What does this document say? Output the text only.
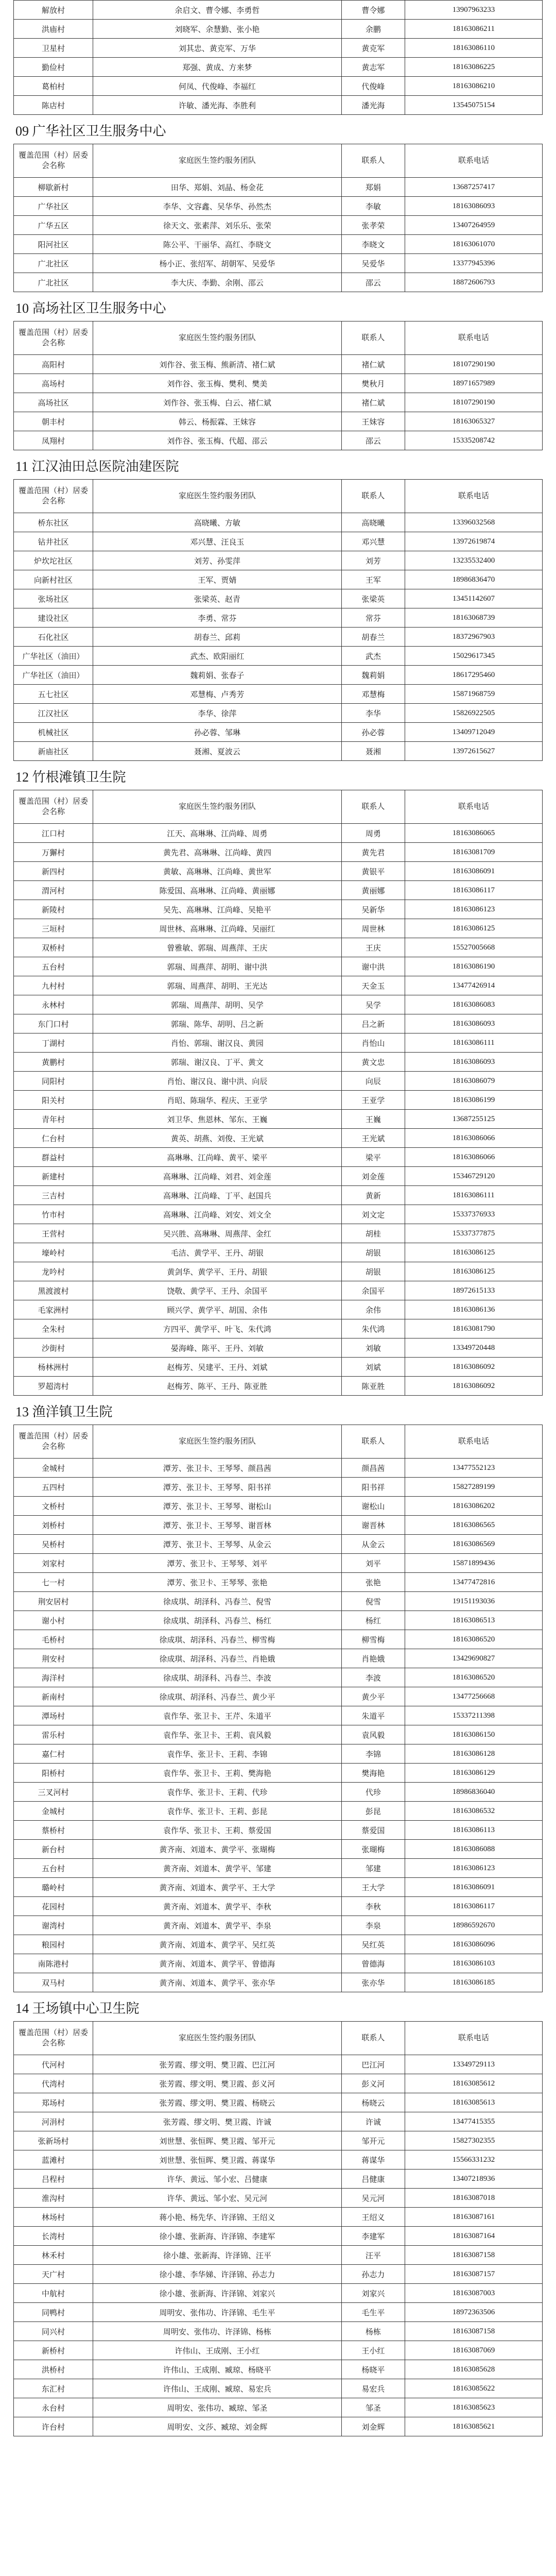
解放村	余启文、曹令娜、李勇哲	曹令娜	13907963233
洪庙村	刘晓军、余慧勤、张小艳	余鹏	18163086211
卫星村	刘其忠、黄克军、万华	黄克军	18163086110
勤俭村	郑强、黄成、方来梦	黄志军	18163086225
葛柏村	何凤、代俊峰、李福红	代俊峰	18163086210
陈店村	许敏、潘光海、李胜利	潘光海	13545075154
09 广华社区卫生服务中心
覆盖范围（村）居委会名称	家庭医生签约服务团队	联系人	联系电话
柳歇新村	田华、郑娟、刘晶、杨金花	郑娟	13687257417
广华社区	李华、文容鑫、吴华华、孙然杰	李敏	18163086093
广华五区	徐天文、张素萍、刘乐乐、张荣	张孝荣	13407264959
阳河社区	陈公平、干丽华、高红、李晓文	李晓文	18163061070
广北社区	杨小正、张绍军、胡朝军、吴爱华	吴爱华	13377945396
广北社区	李大庆、李勤、余刚、邵云	邵云	18872606793
10 高场社区卫生服务中心
覆盖范围（村）居委会名称	家庭医生签约服务团队	联系人	联系电话
高阳村	刘作谷、张玉梅、熊新清、褚仁斌	褚仁斌	18107290190
高场村	刘作谷、张玉梅、樊利、樊美	樊秋月	18971657989
高场社区	刘作谷、张玉梅、白云、褚仁斌	褚仁斌	18107290190
朝丰村	韩云、杨振霖、王妹容	王妹容	18163065327
凤翔村	刘作谷、张玉梅、代超、邵云	邵云	15335208742
11 江汉油田总医院油建医院
覆盖范围（村）居委会名称	家庭医生签约服务团队	联系人	联系电话
桥东社区	高晓曦、方敏	高晓曦	13396032568
钻井社区	邓兴慧、汪良玉	邓兴慧	13972619874
炉坎坨社区	刘芳、孙雯萍	刘芳	13235532400
向新村社区	王军、贾婧	王军	18986836470
张场社区	张梁英、赵青	张梁英	13451142607
建设社区	李勇、常芬	常芬	18163068739
石化社区	胡春兰、邱莉	胡春兰	18372967903
广华社区（油田）	武杰、欧阳丽红	武杰	15029617345
广华社区（油田）	魏莉娟、张春子	魏莉娟	18617295460
五七社区	邓慧梅、卢秀芳	邓慧梅	15871968759
江汉社区	李华、徐萍	李华	15826922505
机械社区	孙必蓉、邹琳	孙必蓉	13409712049
新庙社区	聂湘、夏波云	聂湘	13972615627
12 竹根滩镇卫生院
覆盖范围（村）居委会名称	家庭医生签约服务团队	联系人	联系电话
江口村	江天、高琳琳、江尚峰、周勇	周勇	18163086065
万獬村	黄先君、高琳琳、江尚峰、黄四	黄先君	18163081709
新四村	黄敏、高琳琳、江尚峰、黄世军	黄银平	18163086091
渭河村	陈爱国、高琳琳、江尚峰、黄丽娜	黄丽娜	18163086117
新陵村	吴先、高琳琳、江尚峰、吴艳平	吴新华	18163086123
三垣村	周世林、高琳琳、江尚峰、吴丽红	周世林	18163086125
双桥村	曾雅敏、郭瑞、周燕萍、王庆	王庆	15527005668
五台村	郭瑞、周燕萍、胡明、谢中洪	谢中洪	18163086190
九村村	郭瑞、周燕萍、胡明、王光达	天金玉	13477426914
永林村	郭瑞、周燕萍、胡明、吴学	吴学	18163086083
东门口村	郭瑞、陈华、胡明、吕之新	吕之新	18163086093
丁湖村	肖怡、郭瑞、谢汉良、黄园	肖怡山	18163086111
黄鹏村	郭瑞、谢汉良、丁平、黄文	黄文忠	18163086093
同阳村	肖怡、谢汉良、谢中洪、向辰	向辰	18163086079
阳关村	肖昭、陈瑞华、程庆、王亚学	王亚学	18163086199
青年村	刘卫华、焦恩林、邹东、王巍	王巍	13687255125
仁台村	黄英、胡燕、刘俊、王光斌	王光斌	18163086066
群益村	高琳琳、江尚峰、黄平、梁平	梁平	18163086066
新建村	高琳琳、江尚峰、刘君、刘金莲	刘金莲	15346729120
三吉村	高琳琳、江尚峰、丁平、赵国兵	黄新	18163086111
竹市村	高琳琳、江尚峰、刘安、刘文全	刘文定	15337376933
王营村	吴兴胜、高琳琳、周燕萍、金红	胡桂	15337377875
壕岭村	毛洁、黄学平、王丹、胡银	胡银	18163086125
龙吟村	黄剑华、黄学平、王丹、胡银	胡银	18163086125
黑渡渡村	饶敬、黄学平、王丹、余国平	余国平	18972615133
毛家洲村	顾兴学、黄学平、胡国、余伟	余伟	18163086136
全朱村	方四平、黄学平、叶飞、朱代鸿	朱代鸿	18163081790
沙街村	晏海峰、陈平、王丹、刘敏	刘敏	13349720448
杨林洲村	赵梅芳、吴建平、王丹、刘斌	刘斌	18163086092
罗超湾村	赵梅芳、陈平、王丹、陈亚胜	陈亚胜	18163086092
13 渔洋镇卫生院
覆盖范围（村）居委会名称	家庭医生签约服务团队	联系人	联系电话
金城村	潭芳、张卫卡、王琴琴、颜昌茜	颜昌茜	13477552123
五四村	潭芳、张卫卡、王琴琴、阳书祥	阳书祥	15827289199
文桥村	潭芳、张卫卡、王琴琴、谢松山	谢松山	18163086202
刘桥村	潭芳、张卫卡、王琴琴、谢晋林	谢晋林	18163086565
吴桥村	潭芳、张卫卡、王琴琴、从金云	从金云	18163086569
刘家村	潭芳、张卫卡、王琴琴、刘平	刘平	15871899436
七一村	潭芳、张卫卡、王琴琴、张艳	张艳	13477472816
荆安居村	徐成琪、胡泽科、冯春兰、倪雪	倪雪	19151193036
谢小村	徐成琪、胡泽科、冯春兰、杨红	杨红	18163086513
毛桥村	徐成琪、胡泽科、冯春兰、柳雪梅	柳雪梅	18163086520
荆安村	徐成琪、胡泽科、冯春兰、肖艳娥	肖艳娥	13429690827
海洋村	徐成琪、胡泽科、冯春兰、李波	李波	18163086520
新南村	徐成琪、胡泽科、冯春兰、黄少平	黄少平	13477256668
潭场村	袁作华、张卫卡、王芹、朱道平	朱道平	15337211398
雷乐村	袁作华、张卫卡、王莉、袁风毅	袁风毅	18163086150
嘉仁村	袁作华、张卫卡、王莉、李锦	李锦	18163086128
阳桥村	袁作华、张卫卡、王莉、樊海艳	樊海艳	18163086129
三叉河村	袁作华、张卫卡、王莉、代珍	代珍	18986836040
金城村	袁作华、张卫卡、王莉、彭昆	彭昆	18163086532
蔡桥村	袁作华、张卫卡、王莉、蔡爱国	蔡爱国	18163086113
新台村	黄齐南、刘道本、黄学平、张瑚梅	张瑚梅	18163086088
五台村	黄齐南、刘道本、黄学平、邹建	邹建	18163086123
璐岭村	黄齐南、刘道本、黄学平、王大学	王大学	18163086091
花园村	黄齐南、刘道本、黄学平、李秋	李秋	18163086117
谢湾村	黄齐南、刘道本、黄学平、李泉	李泉	18986592670
粮园村	黄齐南、刘道本、黄学平、吴红英	吴红英	18163086096
南陈港村	黄齐南、刘道本、黄学平、曾德海	曾德海	18163086103
双马村	黄齐南、刘道本、黄学平、张亦华	张亦华	18163086185
14 王场镇中心卫生院
覆盖范围（村）居委会名称	家庭医生签约服务团队	联系人	联系电话
代河村	张芳霞、缪文明、樊卫霞、巴江河	巴江河	13349729113
代湾村	张芳霞、缪文明、樊卫霞、彭义河	彭义河	18163085612
郑场村	张芳霞、缪文明、樊卫霞、杨晓云	杨晓云	18163085613
河涓村	张芳霞、缪文明、樊卫霞、许诚	许诚	13477415355
张新场村	刘世慧、张恒晖、樊卫霞、邹开元	邹开元	15827302355
蓝滩村	刘世慧、张恒晖、樊卫霞、蒋谋华	蒋谋华	15566331232
吕程村	许华、黄远、邹小宏、吕健康	吕健康	13407218936
淮沟村	许华、黄远、邹小宏、吴元河	吴元河	18163087018
林场村	蒋小艳、杨先华、许泽锦、王绍义	王绍义	18163087161
长湾村	徐小雄、张新海、许泽锦、李建军	李建军	18163087164
林禾村	徐小雄、张新海、许泽锦、汪平	汪平	18163087158
天广村	徐小雄、李华娣、许泽锦、孙志力	孙志力	18163087157
中航村	徐小雄、张新海、许泽锦、刘家兴	刘家兴	18163087003
同鸭村	周明安、张伟功、许泽锦、毛生平	毛生平	18972363506
同兴村	周明安、张伟功、许泽锦、杨栋	杨栋	18163087158
新桥村	许伟山、王成刚、王小红	王小红	18163087069
洪桥村	许伟山、王成刚、臧琼、杨晓平	杨晓平	18163085628
东汇村	许伟山、王成刚、臧琼、易宏兵	易宏兵	18163085622
永台村	周明安、张伟功、臧琼、邹圣	邹圣	18163085623
许台村	周明安、文莎、臧琼、刘金辉	刘金辉	18163085621
